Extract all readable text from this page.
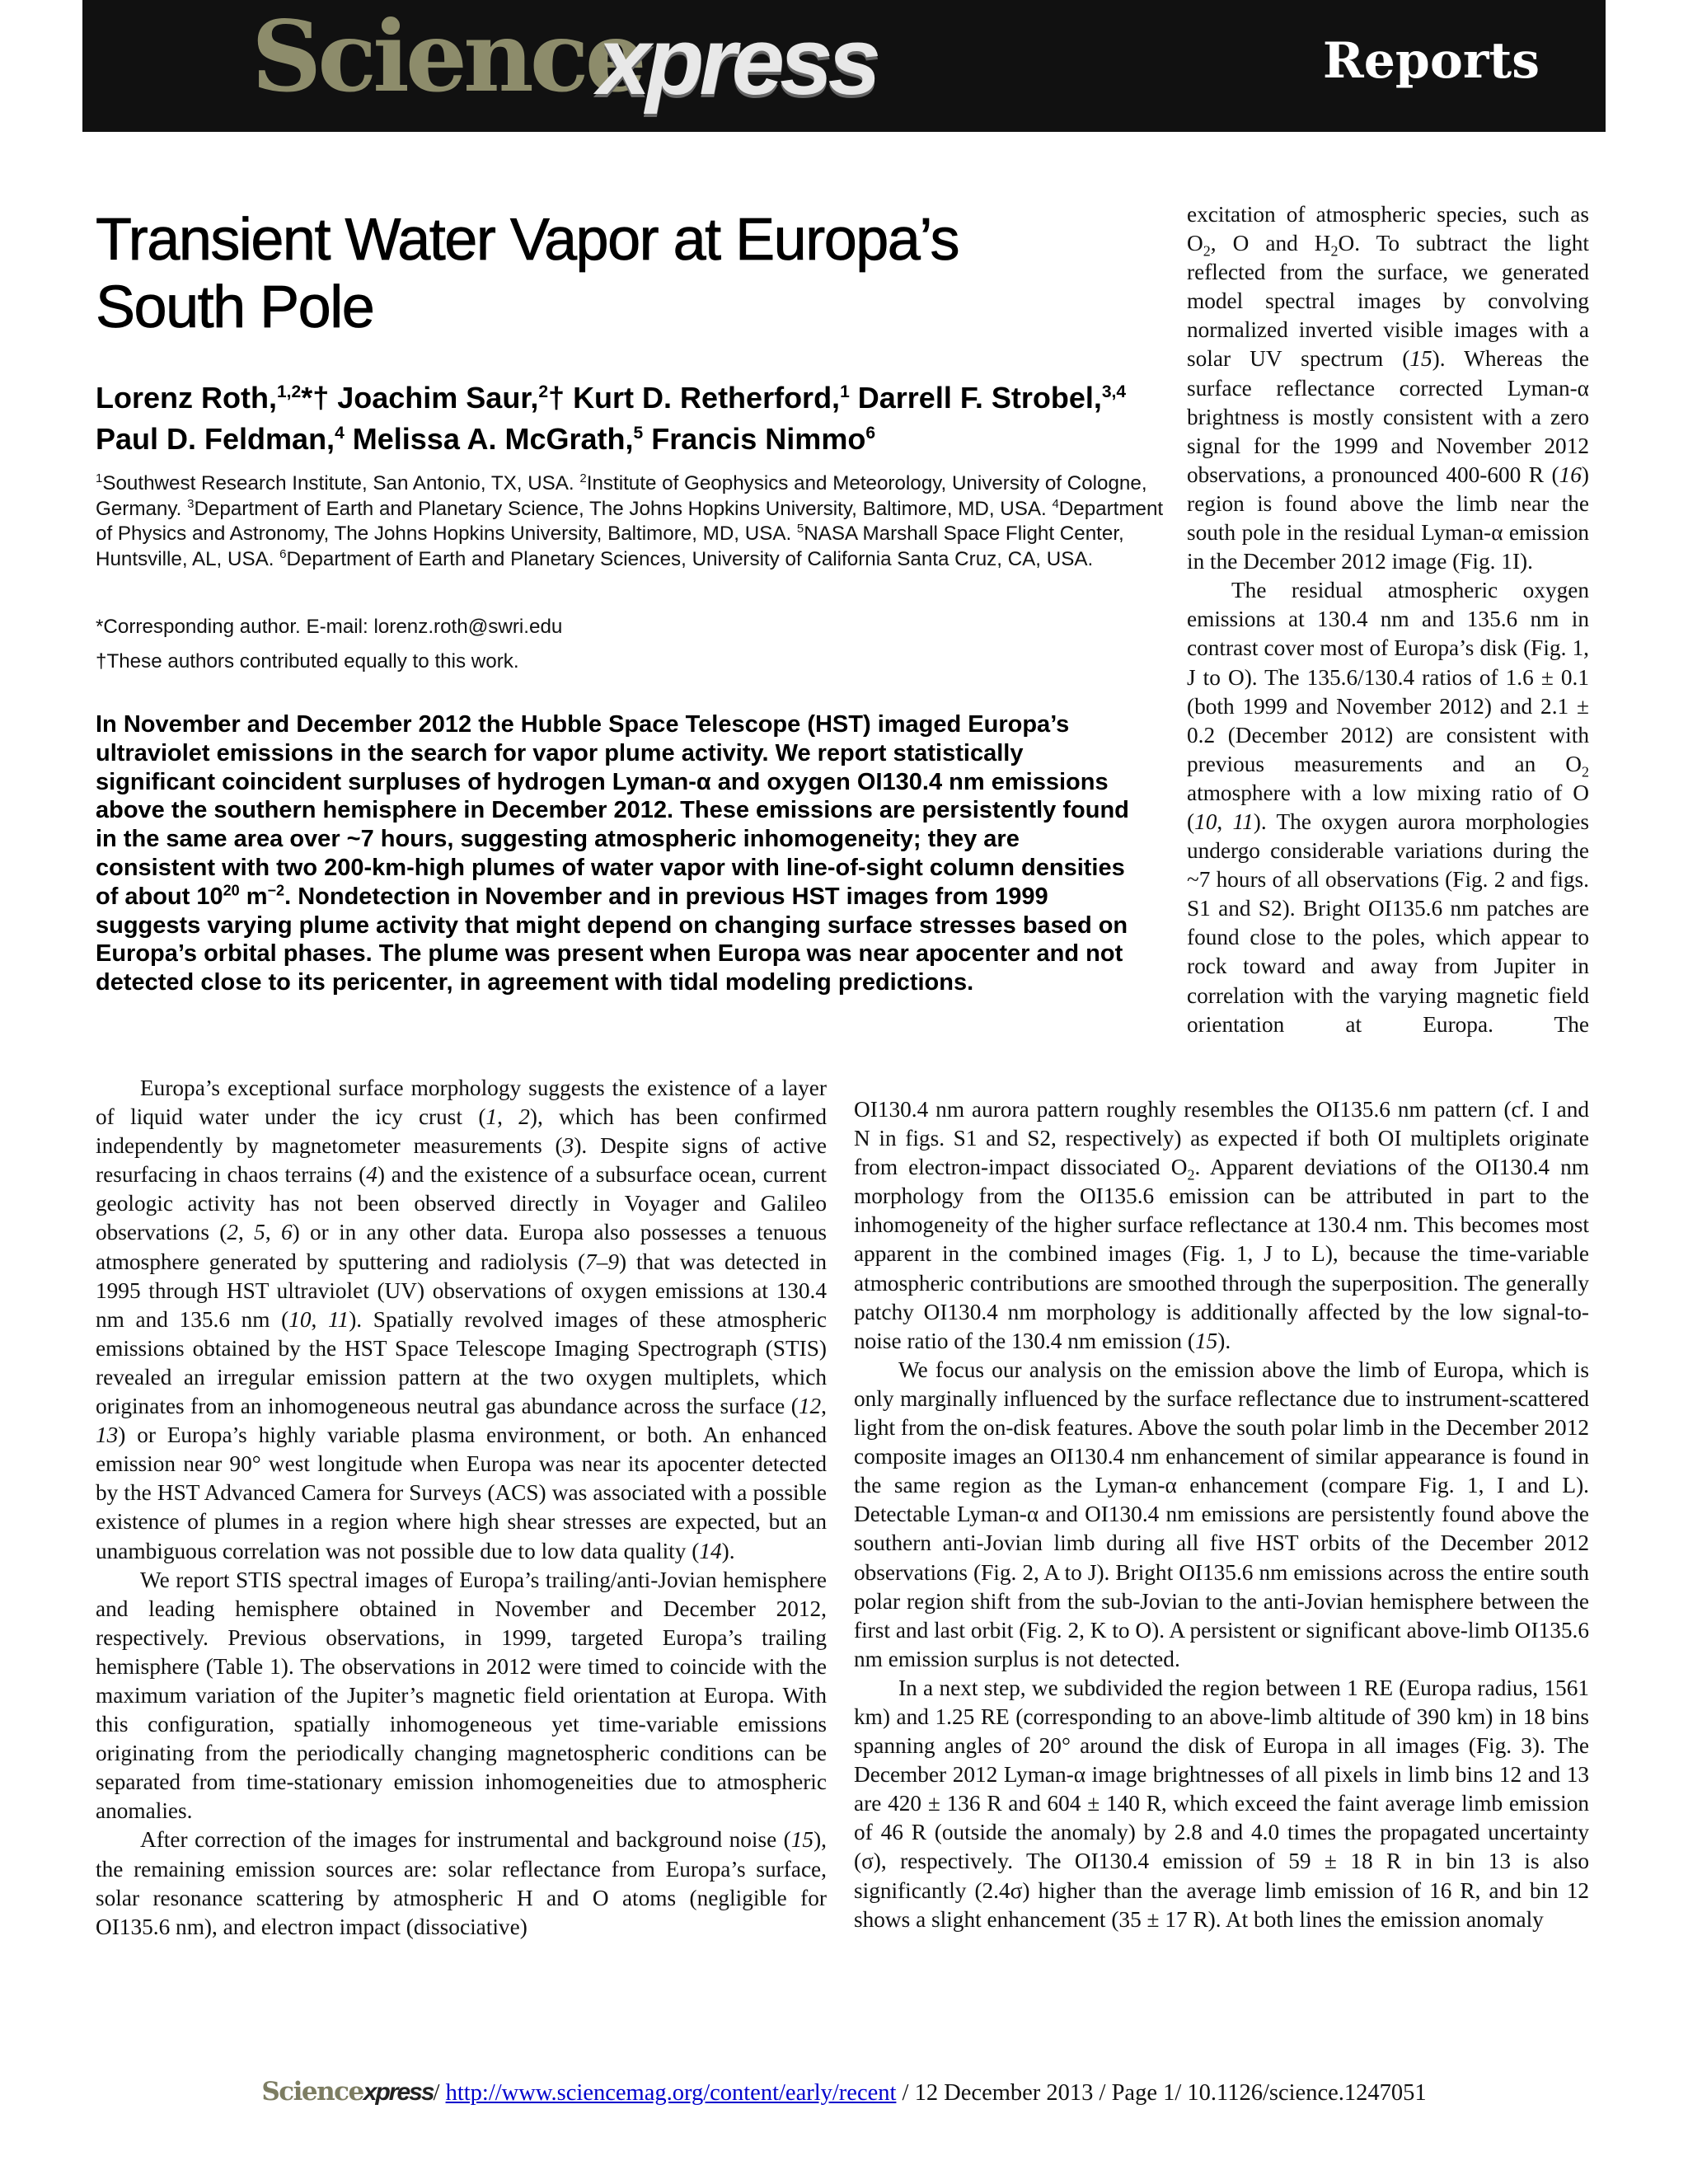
Science
xpress	Reports
Transient Water Vapor at Europa’s South Pole

Lorenz Roth,$^{1,2}$*† Joachim Saur,$^2$† Kurt D. Retherford,$^1$ Darrell F. Strobel,$^{3,4}$ Paul D. Feldman,$^4$ Melissa A. McGrath,$^5$ Francis Nimmo$^6$

$^1$Southwest Research Institute, San Antonio, TX, USA. $^2$Institute of Geophysics and Meteorology, University of Cologne, Germany. $^3$Department of Earth and Planetary Science, The Johns Hopkins University, Baltimore, MD, USA. $^4$Department of Physics and Astronomy, The Johns Hopkins University, Baltimore, MD, USA. $^5$NASA Marshall Space Flight Center, Huntsville, AL, USA. $^6$Department of Earth and Planetary Sciences, University of California Santa Cruz, CA, USA.

*Corresponding author. E-mail: lorenz.roth@swri.edu

†These authors contributed equally to this work.

In November and December 2012 the Hubble Space Telescope (HST) imaged Europa’s ultraviolet emissions in the search for vapor plume activity. We report statistically significant coincident surpluses of hydrogen Lyman-α and oxygen OI130.4 nm emissions above the southern hemisphere in December 2012. These emissions are persistently found in the same area over ~7 hours, suggesting atmospheric inhomogeneity; they are consistent with two 200-km-high plumes of water vapor with line-of-sight column densities of about $10^{20}$ $m^{-2}$. Nondetection in November and in previous HST images from 1999 suggests varying plume activity that might depend on changing surface stresses based on Europa’s orbital phases. The plume was present when Europa was near apocenter and not detected close to its pericenter, in agreement with tidal modeling predictions.

Europa’s exceptional surface morphology suggests the existence of a layer of liquid water under the icy crust (1, 2), which has been confirmed independently by magnetometer measurements (3). Despite signs of active resurfacing in chaos terrains (4) and the existence of a subsurface ocean, current geologic activity has not been observed directly in Voyager and Galileo observations (2, 5, 6) or in any other data. Europa also possesses a tenuous atmosphere generated by sputtering and radiolysis (7–9) that was detected in 1995 through HST ultraviolet (UV) observations of oxygen emissions at 130.4 nm and 135.6 nm (10, 11). Spatially revolved images of these atmospheric emissions obtained by the HST Space Telescope Imaging Spectrograph (STIS) revealed an irregular emission pattern at the two oxygen multiplets, which originates from an inhomogeneous neutral gas abundance across the surface (12, 13) or Europa’s highly variable plasma environment, or both. An enhanced emission near 90° west longitude when Europa was near its apocenter detected by the HST Advanced Camera for Surveys (ACS) was associated with a possible existence of plumes in a region where high shear stresses are expected, but an unambiguous correlation was not possible due to low data quality (14).

We report STIS spectral images of Europa’s trailing/anti-Jovian hemisphere and leading hemisphere obtained in November and December 2012, respectively. Previous observations, in 1999, targeted Europa’s trailing hemisphere (Table 1). The observations in 2012 were timed to coincide with the maximum variation of the Jupiter’s magnetic field orientation at Europa. With this configuration, spatially inhomogeneous yet time-variable emissions originating from the periodically changing magnetospheric conditions can be separated from time-stationary emission inhomogeneities due to atmospheric anomalies.

After correction of the images for instrumental and background noise (15), the remaining emission sources are: solar reflectance from Europa’s surface, solar resonance scattering by atmospheric H and O atoms (negligible for OI135.6 nm), and electron impact (dissociative)

excitation of atmospheric species, such as $O_2$, O and $H_2O$. To subtract the light reflected from the surface, we generated model spectral images by convolving normalized inverted visible images with a solar UV spectrum (15). Whereas the surface reflectance corrected Lyman-α brightness is mostly consistent with a zero signal for the 1999 and November 2012 observations, a pronounced 400-600 R (16) region is found above the limb near the south pole in the residual Lyman-α emission in the December 2012 image (Fig. 1I).

The residual atmospheric oxygen emissions at 130.4 nm and 135.6 nm in contrast cover most of Europa’s disk (Fig. 1, J to O). The 135.6/130.4 ratios of 1.6 ± 0.1 (both 1999 and November 2012) and 2.1 ± 0.2 (December 2012) are consistent with previous measurements and an $O_2$ atmosphere with a low mixing ratio of O (10, 11). The oxygen aurora morphologies undergo considerable variations during the ~7 hours of all observations (Fig. 2 and figs. S1 and S2). Bright OI135.6 nm patches are found close to the poles, which appear to rock toward and away from Jupiter in correlation with the varying magnetic field orientation at Europa. The

OI130.4 nm aurora pattern roughly resembles the OI135.6 nm pattern (cf. I and N in figs. S1 and S2, respectively) as expected if both OI multiplets originate from electron-impact dissociated $O_2$. Apparent deviations of the OI130.4 nm morphology from the OI135.6 emission can be attributed in part to the inhomogeneity of the higher surface reflectance at 130.4 nm. This becomes most apparent in the combined images (Fig. 1, J to L), because the time-variable atmospheric contributions are smoothed through the superposition. The generally patchy OI130.4 nm morphology is additionally affected by the low signal-to-noise ratio of the 130.4 nm emission (15).

We focus our analysis on the emission above the limb of Europa, which is only marginally influenced by the surface reflectance due to instrument-scattered light from the on-disk features. Above the south polar limb in the December 2012 composite images an OI130.4 nm enhancement of similar appearance is found in the same region as the Lyman-α enhancement (compare Fig. 1, I and L). Detectable Lyman-α and OI130.4 nm emissions are persistently found above the southern anti-Jovian limb during all five HST orbits of the December 2012 observations (Fig. 2, A to J). Bright OI135.6 nm emissions across the entire south polar region shift from the sub-Jovian to the anti-Jovian hemisphere between the first and last orbit (Fig. 2, K to O). A persistent or significant above-limb OI135.6 nm emission surplus is not detected.

In a next step, we subdivided the region between 1 RE (Europa radius, 1561 km) and 1.25 RE (corresponding to an above-limb altitude of 390 km) in 18 bins spanning angles of 20° around the disk of Europa in all images (Fig. 3). The December 2012 Lyman-α image brightnesses of all pixels in limb bins 12 and 13 are 420 ± 136 R and 604 ± 140 R, which exceed the faint average limb emission of 46 R (outside the anomaly) by 2.8 and 4.0 times the propagated uncertainty (σ), respectively. The OI130.4 emission of 59 ± 18 R in bin 13 is also significantly (2.4σ) higher than the average limb emission of 16 R, and bin 12 shows a slight enhancement (35 ± 17 R). At both lines the emission anomaly

Sciencexpress/ http://www.sciencemag.org/content/early/recent / 12 December 2013 / Page 1/ 10.1126/science.1247051
